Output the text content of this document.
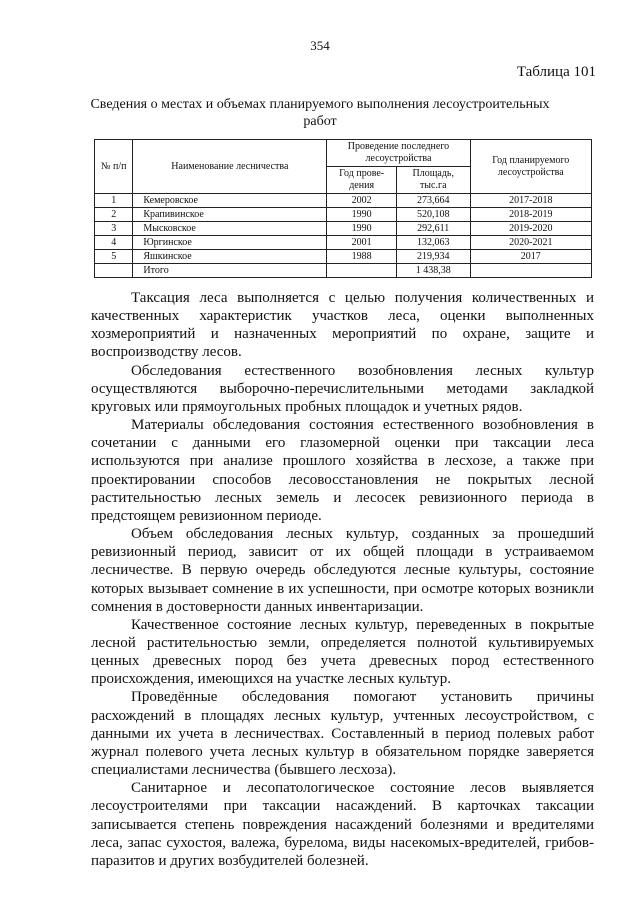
354
Таблица 101
Сведения о местах и объемах планируемого выполнения лесоустроительных работ
№ п/п	Наименование лесничества	Проведение последнего лесоустройства		Год планируемого лесоустройства
		Год прове-дения	Площадь, тыс.га	
1	Кемеровское	2002	273,664	2017-2018
2	Крапивинское	1990	520,108	2018-2019
3	Мысковское	1990	292,611	2019-2020
4	Юргинское	2001	132,063	2020-2021
5	Яшкинское	1988	219,934	2017
	Итого		1 438,38	

Таксация леса выполняется с целью получения количественных и качественных характеристик участков леса, оценки выполненных хозмероприятий и назначенных мероприятий по охране, защите и воспроизводству лесов.

Обследования естественного возобновления лесных культур осуществляются выборочно-перечислительными методами закладкой круговых или прямоугольных пробных площадок и учетных рядов.

Материалы обследования состояния естественного возобновления в сочетании с данными его глазомерной оценки при таксации леса используются при анализе прошлого хозяйства в лесхозе, а также при проектировании способов лесовосстановления не покрытых лесной растительностью лесных земель и лесосек ревизионного периода в предстоящем ревизионном периоде.

Объем обследования лесных культур, созданных за прошедший ревизионный период, зависит от их общей площади в устраиваемом лесничестве. В первую очередь обследуются лесные культуры, состояние которых вызывает сомнение в их успешности, при осмотре которых возникли сомнения в достоверности данных инвентаризации.

Качественное состояние лесных культур, переведенных в покрытые лесной растительностью земли, определяется полнотой культивируемых ценных древесных пород без учета древесных пород естественного происхождения, имеющихся на участке лесных культур.

Проведённые обследования помогают установить причины расхождений в площадях лесных культур, учтенных лесоустройством, с данными их учета в лесничествах. Составленный в период полевых работ журнал полевого учета лесных культур в обязательном порядке заверяется специалистами лесничества (бывшего лесхоза).

Санитарное и лесопатологическое состояние лесов выявляется лесоустроителями при таксации насаждений. В карточках таксации записывается степень повреждения насаждений болезнями и вредителями леса, запас сухостоя, валежа, бурелома, виды насекомых-вредителей, грибов-паразитов и других возбудителей болезней.
